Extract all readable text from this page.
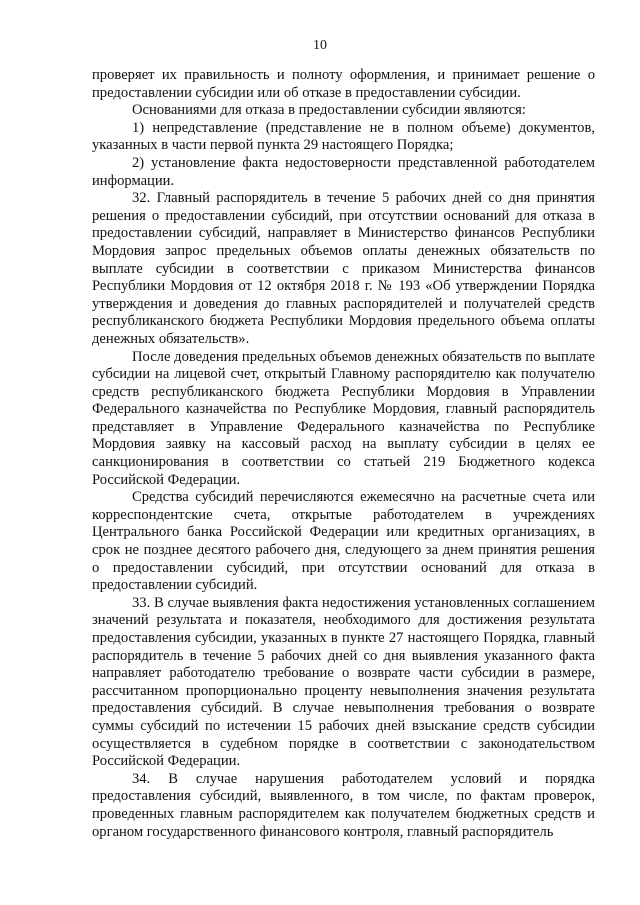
10

проверяет их правильность и полноту оформления, и принимает решение о предоставлении субсидии или об отказе в предоставлении субсидии.

Основаниями для отказа в предоставлении субсидии являются:

1) непредставление (представление не в полном объеме) документов, указанных в части первой пункта 29 настоящего Порядка;

2) установление факта недостоверности представленной работодателем информации.

32. Главный распорядитель в течение 5 рабочих дней со дня принятия решения о предоставлении субсидий, при отсутствии оснований для отказа в предоставлении субсидий, направляет в Министерство финансов Республики Мордовия запрос предельных объемов оплаты денежных обязательств по выплате субсидии в соответствии с приказом Министерства финансов Республики Мордовия от 12 октября 2018 г. № 193 «Об утверждении Порядка утверждения и доведения до главных распорядителей и получателей средств республиканского бюджета Республики Мордовия предельного объема оплаты денежных обязательств».

После доведения предельных объемов денежных обязательств по выплате субсидии на лицевой счет, открытый Главному распорядителю как получателю средств республиканского бюджета Республики Мордовия в Управлении Федерального казначейства по Республике Мордовия, главный распорядитель представляет в Управление Федерального казначейства по Республике Мордовия заявку на кассовый расход на выплату субсидии в целях ее санкционирования в соответствии со статьей 219 Бюджетного кодекса Российской Федерации.

Средства субсидий перечисляются ежемесячно на расчетные счета или корреспондентские счета, открытые работодателем в учреждениях Центрального банка Российской Федерации или кредитных организациях, в срок не позднее десятого рабочего дня, следующего за днем принятия решения о предоставлении субсидий, при отсутствии оснований для отказа в предоставлении субсидий.

33. В случае выявления факта недостижения установленных соглашением значений результата и показателя, необходимого для достижения результата предоставления субсидии, указанных в пункте 27 настоящего Порядка, главный распорядитель в течение 5 рабочих дней со дня выявления указанного факта направляет работодателю требование о возврате части субсидии в размере, рассчитанном пропорционально проценту невыполнения значения результата предоставления субсидий. В случае невыполнения требования о возврате суммы субсидий по истечении 15 рабочих дней взыскание средств субсидии осуществляется в судебном порядке в соответствии с законодательством Российской Федерации.

34. В случае нарушения работодателем условий и порядка предоставления субсидий, выявленного, в том числе, по фактам проверок, проведенных главным распорядителем как получателем бюджетных средств и органом государственного финансового контроля, главный распорядитель
